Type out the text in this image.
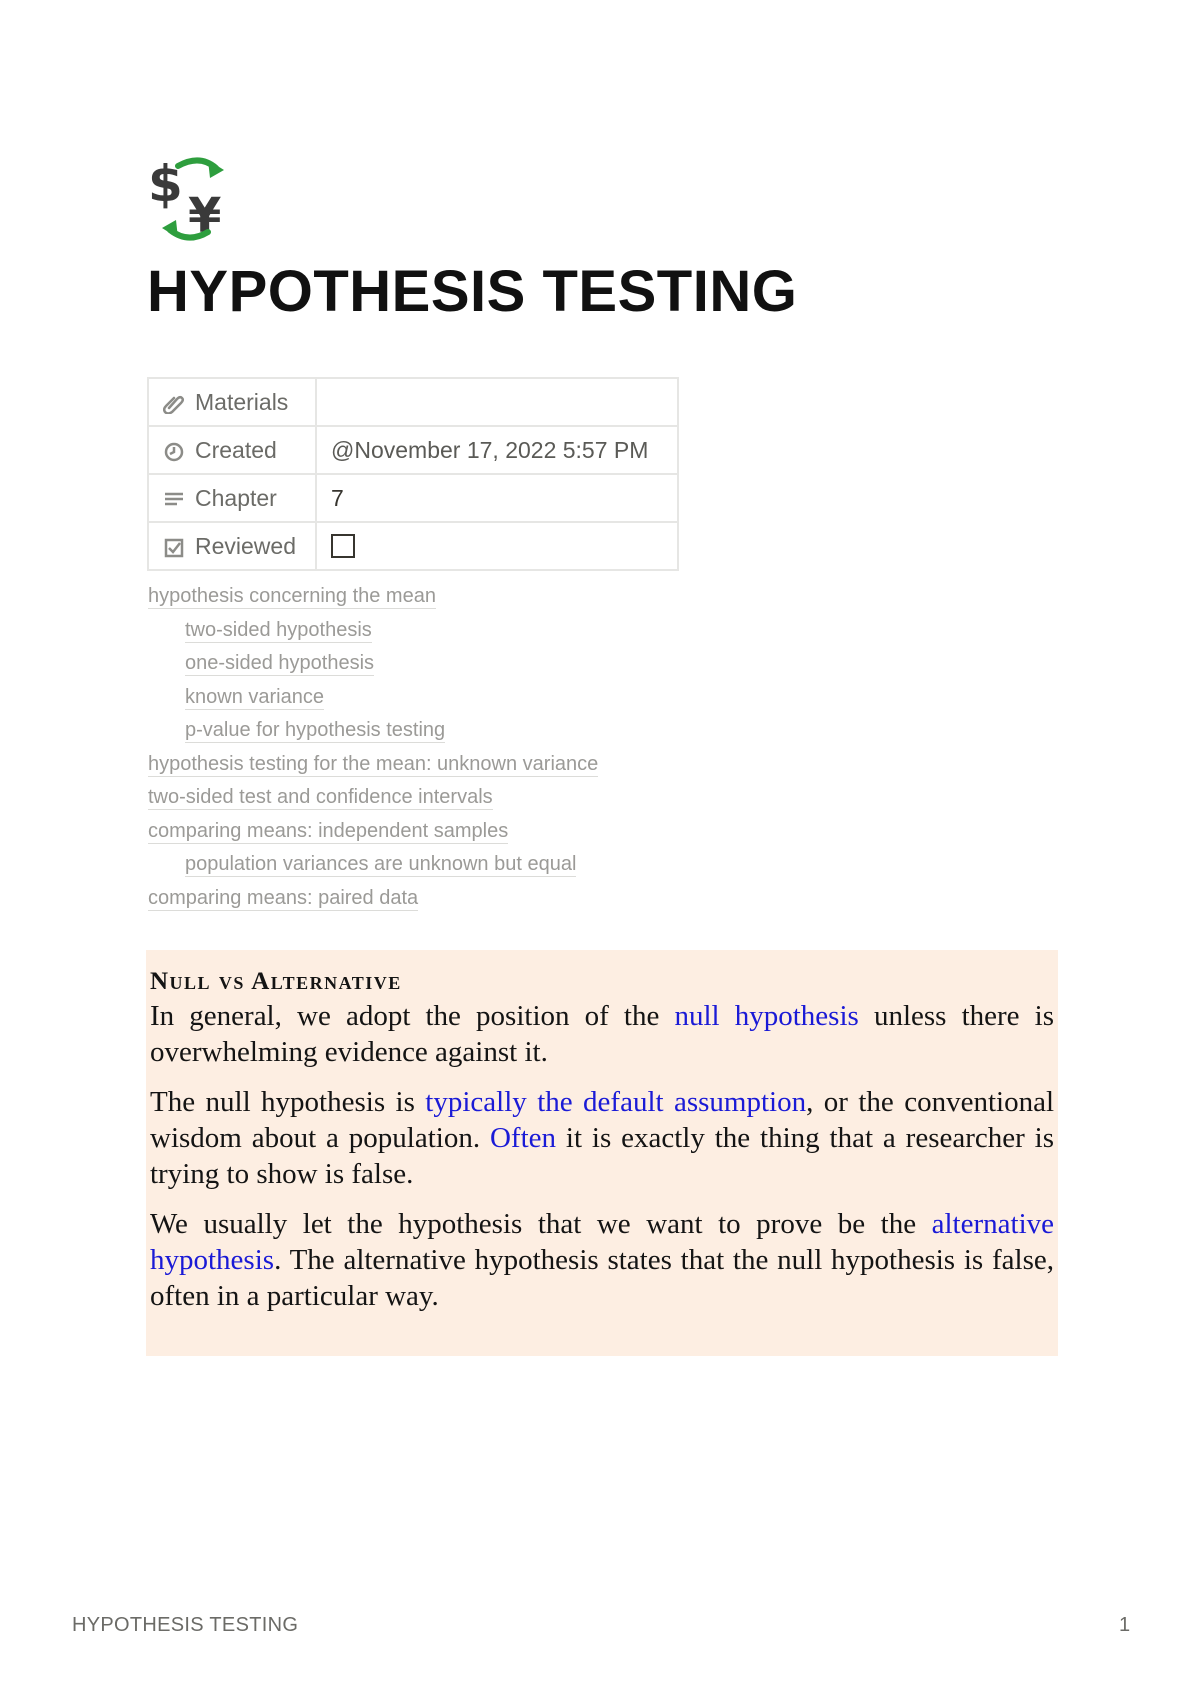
$
¥
HYPOTHESIS TESTING
Materials	
Created	@November 17, 2022 5:57 PM
Chapter	7
Reviewed	
hypothesis concerning the mean
two-sided hypothesis
one-sided hypothesis
known variance
p-value for hypothesis testing
hypothesis testing for the mean: unknown variance
two-sided test and confidence intervals
comparing means: independent samples
population variances are unknown but equal
comparing means: paired data
Null vs Alternative

In general, we adopt the position of the null hypothesis unless there is overwhelming evidence against it.

The null hypothesis is typically the default assumption, or the conventional wisdom about a population. Often it is exactly the thing that a researcher is trying to show is false.

We usually let the hypothesis that we want to prove be the alternative hypothesis. The alternative hypothesis states that the null hypothesis is false, often in a particular way.

HYPOTHESIS TESTING	1
